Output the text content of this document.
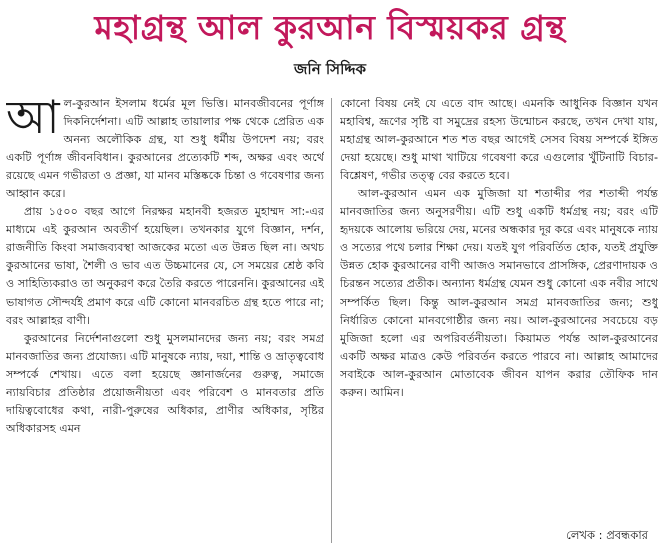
মহাগ্রন্থ আল কুরআন বিস্ময়কর গ্রন্থ
জনি সিদ্দিক

আল-কুরআন ইসলাম ধর্মের মূল ভিত্তি। মানবজীবনের পূর্ণাঙ্গ দিকনির্দেশনা। এটি আল্লাহ তায়ালার পক্ষ থেকে প্রেরিত এক অনন্য অলৌকিক গ্রন্থ, যা শুধু ধর্মীয় উপদেশ নয়; বরং একটি পূর্ণাঙ্গ জীবনবিধান। কুরআনের প্রত্যেকটি শব্দ, অক্ষর এবং অর্থে রয়েছে এমন গভীরতা ও প্রজ্ঞা, যা মানব মস্তিষ্ককে চিন্তা ও গবেষণার জন্য আহ্বান করে।

প্রায় ১৫০০ বছর আগে নিরক্ষর মহানবী হজরত মুহাম্মদ সা:-এর মাধ্যমে এই কুরআন অবতীর্ণ হয়েছিল। তখনকার যুগে বিজ্ঞান, দর্শন, রাজনীতি কিংবা সমাজব্যবস্থা আজকের মতো এত উন্নত ছিল না। অথচ কুরআনের ভাষা, শৈলী ও ভাব এত উচ্চমানের যে, সে সময়ের শ্রেষ্ঠ কবি ও সাহিত্যিকরাও তা অনুকরণ করে তৈরি করতে পারেননি। কুরআনের এই ভাষাগত সৌন্দর্যই প্রমাণ করে এটি কোনো মানবরচিত গ্রন্থ হতে পারে না; বরং আল্লাহর বাণী।

কুরআনের নির্দেশনাগুলো শুধু মুসলমানদের জন্য নয়; বরং সমগ্র মানবজাতির জন্য প্রযোজ্য। এটি মানুষকে ন্যায়, দয়া, শান্তি ও ভ্রাতৃত্ববোধ সম্পর্কে শেখায়। এতে বলা হয়েছে জ্ঞানার্জনের গুরুত্ব, সমাজে ন্যায়বিচার প্রতিষ্ঠার প্রয়োজনীয়তা এবং পরিবেশ ও মানবতার প্রতি দায়িত্ববোধের কথা, নারী-পুরুষের অধিকার, প্রাণীর অধিকার, সৃষ্টির অধিকারসহ এমন

কোনো বিষয় নেই যে এতে বাদ আছে। এমনকি আধুনিক বিজ্ঞান যখন মহাবিশ্ব, ভ্রূণের সৃষ্টি বা সমুদ্রের রহস্য উন্মোচন করছে, তখন দেখা যায়, মহাগ্রন্থ আল-কুরআনে শত শত বছর আগেই সেসব বিষয় সম্পর্কে ইঙ্গিত দেয়া হয়েছে। শুধু মাথা খাটিয়ে গবেষণা করে এগুলোর খুঁটিনাটি বিচার-বিশ্লেষণ, গভীর তত্ত্ব বের করতে হবে।

আল-কুরআন এমন এক মুজিজা যা শতাব্দীর পর শতাব্দী পর্যন্ত মানবজাতির জন্য অনুসরণীয়। এটি শুধু একটি ধর্মগ্রন্থ নয়; বরং এটি হৃদয়কে আলোয় ভরিয়ে দেয়, মনের অন্ধকার দূর করে এবং মানুষকে ন্যায় ও সত্যের পথে চলার শিক্ষা দেয়। যতই যুগ পরিবর্তিত হোক, যতই প্রযুক্তি উন্নত হোক কুরআনের বাণী আজও সমানভাবে প্রাসঙ্গিক, প্রেরণাদায়ক ও চিরন্তন সত্যের প্রতীক। অন্যান্য ধর্মগ্রন্থ যেমন শুধু কোনো এক নবীর সাথে সম্পর্কিত ছিল। কিন্তু আল-কুরআন সমগ্র মানবজাতির জন্য; শুধু নির্ধারিত কোনো মানবগোষ্ঠীর জন্য নয়। আল-কুরআনের সবচেয়ে বড় মুজিজা হলো এর অপরিবর্তনীয়তা। কিয়ামত পর্যন্ত আল-কুরআনের একটি অক্ষর মাত্রও কেউ পরিবর্তন করতে পারবে না। আল্লাহ আমাদের সবাইকে আল-কুরআন মোতাবেক জীবন যাপন করার তৌফিক দান করুন। আমিন।

লেখক : প্রবন্ধকার
